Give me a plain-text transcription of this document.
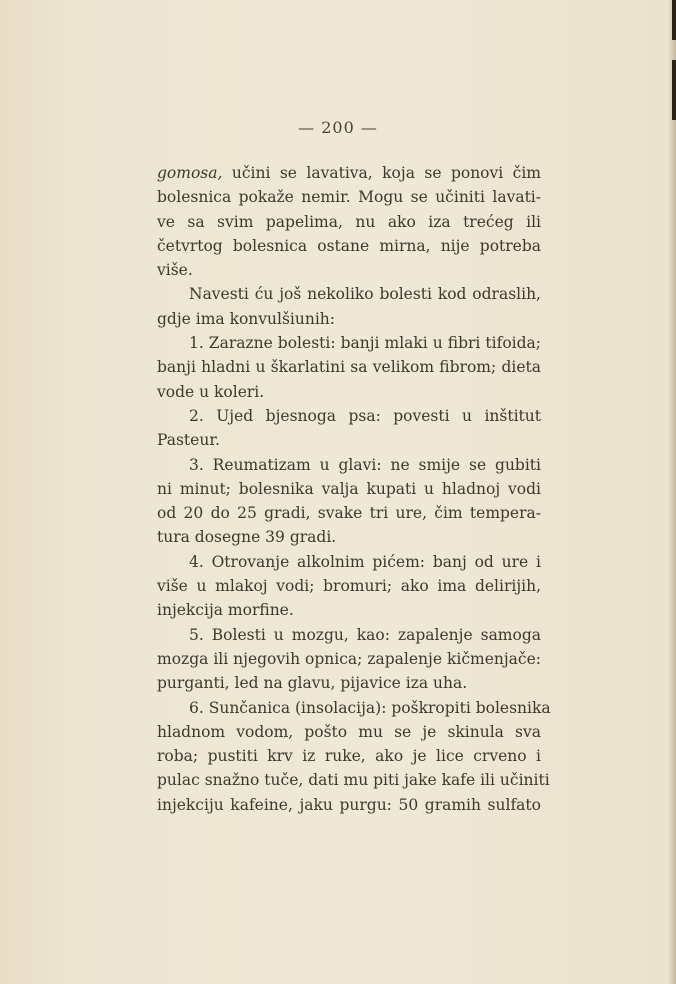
— 200 —
gomosa, učini se lavativa, koja se ponovi čim
bolesnica pokaže nemir. Mogu se učiniti lavati-
ve sa svim papelima, nu ako iza trećeg ili
četvrtog bolesnica ostane mirna, nije potreba
više.
Navesti ću još nekoliko bolesti kod odraslih,
gdje ima konvulšiunih:
1. Zarazne bolesti: banji mlaki u fibri tifoida;
banji hladni u škarlatini sa velikom fibrom; dieta
vode u koleri.
2. Ujed bjesnoga psa: povesti u inštitut
Pasteur.
3. Reumatizam u glavi: ne smije se gubiti
ni minut; bolesnika valja kupati u hladnoj vodi
od 20 do 25 gradi, svake tri ure, čim tempera-
tura dosegne 39 gradi.
4. Otrovanje alkolnim pićem: banj od ure i
više u mlakoj vodi; bromuri; ako ima delirijih,
injekcija morfine.
5. Bolesti u mozgu, kao: zapalenje samoga
mozga ili njegovih opnica; zapalenje kičmenjače:
purganti, led na glavu, pijavice iza uha.
6. Sunčanica (insolacija): poškropiti bolesnika
hladnom vodom, pošto mu se je skinula sva
roba; pustiti krv iz ruke, ako je lice crveno i
pulac snažno tuče, dati mu piti jake kafe ili učiniti
injekciju kafeine, jaku purgu: 50 gramih sulfato
